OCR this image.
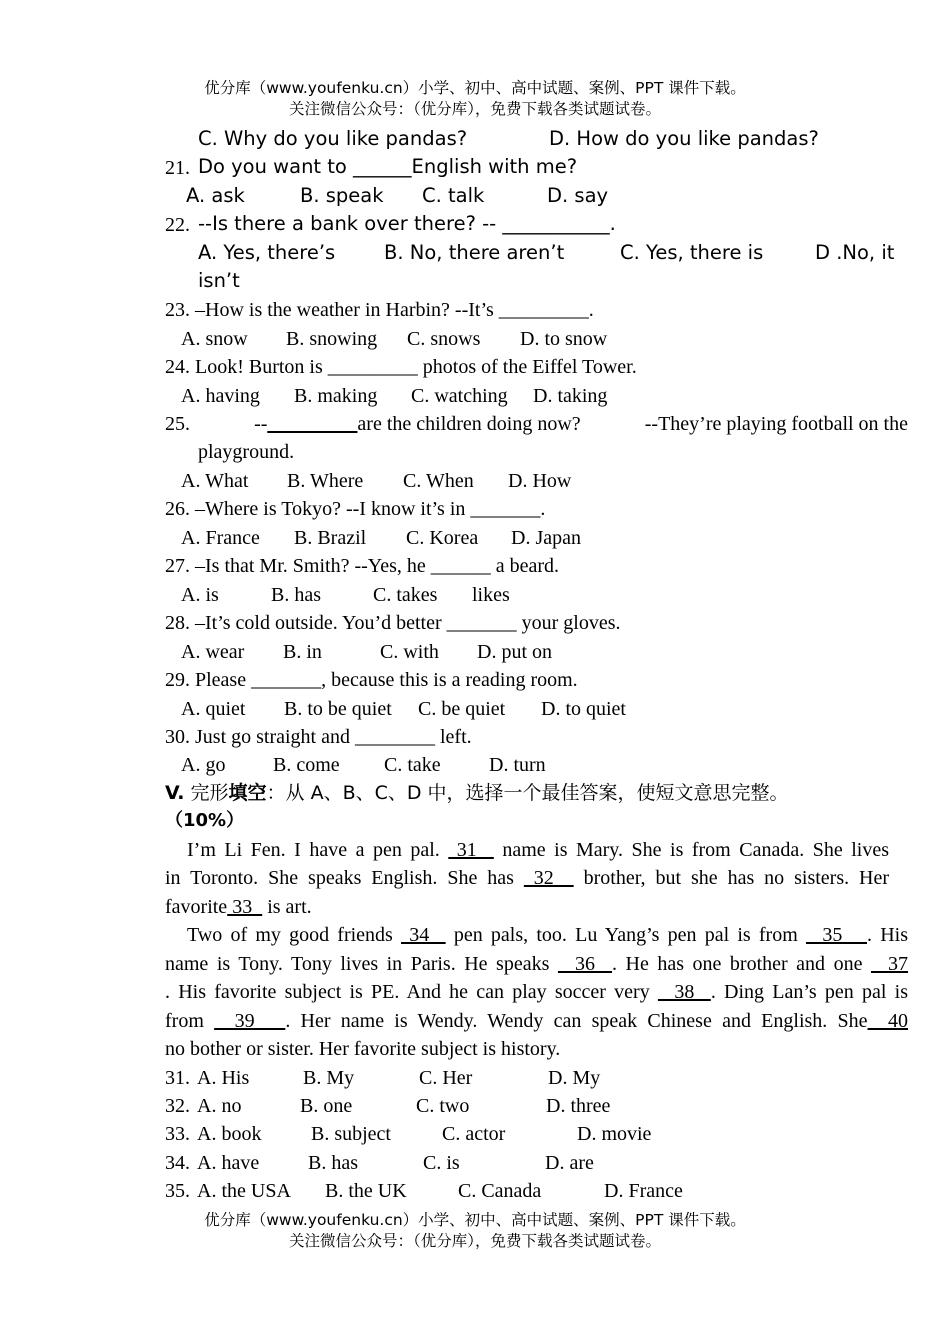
优分库（www.youfenku.cn）小学、初中、高中试题、案例、PPT 课件下载。
关注微信公众号：（优分库），免费下载各类试题试卷。
C. Why do you like pandas?	D. How do you like pandas?
21. Do you want to ______English with me?
A. ask	B. speak C. talk	D. say
22. --Is there a bank over there? -- ___________.
A. Yes, there’s	B. No, there aren’t	C. Yes, there is	D .No, it
isn’t
23. –How is the weather in Harbin? --It’s _________.
A. snow B. snowing C. snows D. to snow
24. Look! Burton is _________ photos of the Eiffel Tower.
A. having B. making C. watching D. taking
25.	--_________are the children doing now?	--They’re playing football on the
playground.
A. What B. Where C. When D. How
26. –Where is Tokyo? --I know it’s in _______.
A. France B. Brazil C. Korea D. Japan
27. –Is that Mr. Smith? --Yes, he ______ a beard.
A. is	B. has	C. takes likes
28. –It’s cold outside. You’d better _______ your gloves.
A. wear B. in	C. with D. put on
29. Please _______, because this is a reading room.
A. quiet B. to be quiet C. be quiet D. to quiet
30. Just go straight and ________ left.
A. go B. come C. take D. turn
V. 完形填空：从 A、B、C、D 中，选择一个最佳答案，使短文意思完整。
（10%）
I’m Li Fen. I have a pen pal.  31   name is Mary. She is from Canada. She lives
in Toronto. She speaks English. She has  32   brother, but she has no sisters. Her
favorite 33   is art.
Two of my good friends  34   pen pals, too. Lu Yang’s pen pal is from   35   . His
name is Tony. Tony lives in Paris. He speaks   36  . He has one brother and one   37
. His favorite subject is PE. And he can play soccer very   38  . Ding Lan’s pen pal is
from   39   . Her name is Wendy. Wendy can speak Chinese and English. She  40
no bother or sister. Her favorite subject is history.
31. A. His	B. My	C. Her	D. My
32. A. no	B. one	C. two	D. three
33. A. book B. subject	C. actor	D. movie
34. A. have B. has	C. is	D. are
35. A. the USA B. the UK	C. Canada	D. France
优分库（www.youfenku.cn）小学、初中、高中试题、案例、PPT 课件下载。
关注微信公众号：（优分库），免费下载各类试题试卷。
